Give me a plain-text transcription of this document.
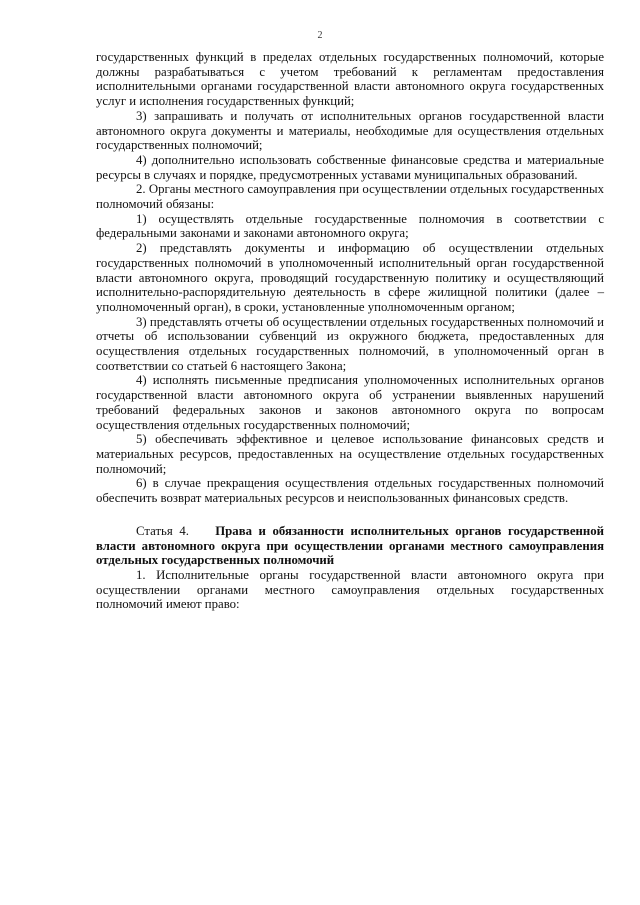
2

государственных функций в пределах отдельных государственных полномочий, которые должны разрабатываться с учетом требований к регламентам предоставления исполнительными органами государственной власти автономного округа государственных услуг и исполнения государственных функций;

3) запрашивать и получать от исполнительных органов государственной власти автономного округа документы и материалы, необходимые для осуществления отдельных государственных полномочий;

4) дополнительно использовать собственные финансовые средства и материальные ресурсы в случаях и порядке, предусмотренных уставами муниципальных образований.

2. Органы местного самоуправления при осуществлении отдельных государственных полномочий обязаны:

1) осуществлять отдельные государственные полномочия в соответствии с федеральными законами и законами автономного округа;

2) представлять документы и информацию об осуществлении отдельных государственных полномочий в уполномоченный исполнительный орган государственной власти автономного округа, проводящий государственную политику и осуществляющий исполнительно-распорядительную деятельность в сфере жилищной политики (далее – уполномоченный орган), в сроки, установленные уполномоченным органом;

3) представлять отчеты об осуществлении отдельных государственных полномочий и отчеты об использовании субвенций из окружного бюджета, предоставленных для осуществления отдельных государственных полномочий, в уполномоченный орган в соответствии со статьей 6 настоящего Закона;

4) исполнять письменные предписания уполномоченных исполнительных органов государственной власти автономного округа об устранении выявленных нарушений требований федеральных законов и законов автономного округа по вопросам осуществления отдельных государственных полномочий;

5) обеспечивать эффективное и целевое использование финансовых средств и материальных ресурсов, предоставленных на осуществление отдельных государственных полномочий;

6) в случае прекращения осуществления отдельных государственных полномочий обеспечить возврат материальных ресурсов и неиспользованных финансовых средств.

Статья 4. Права и обязанности исполнительных органов государственной власти автономного округа при осуществлении органами местного самоуправления отдельных государственных полномочий

1. Исполнительные органы государственной власти автономного округа при осуществлении органами местного самоуправления отдельных государственных полномочий имеют право:
